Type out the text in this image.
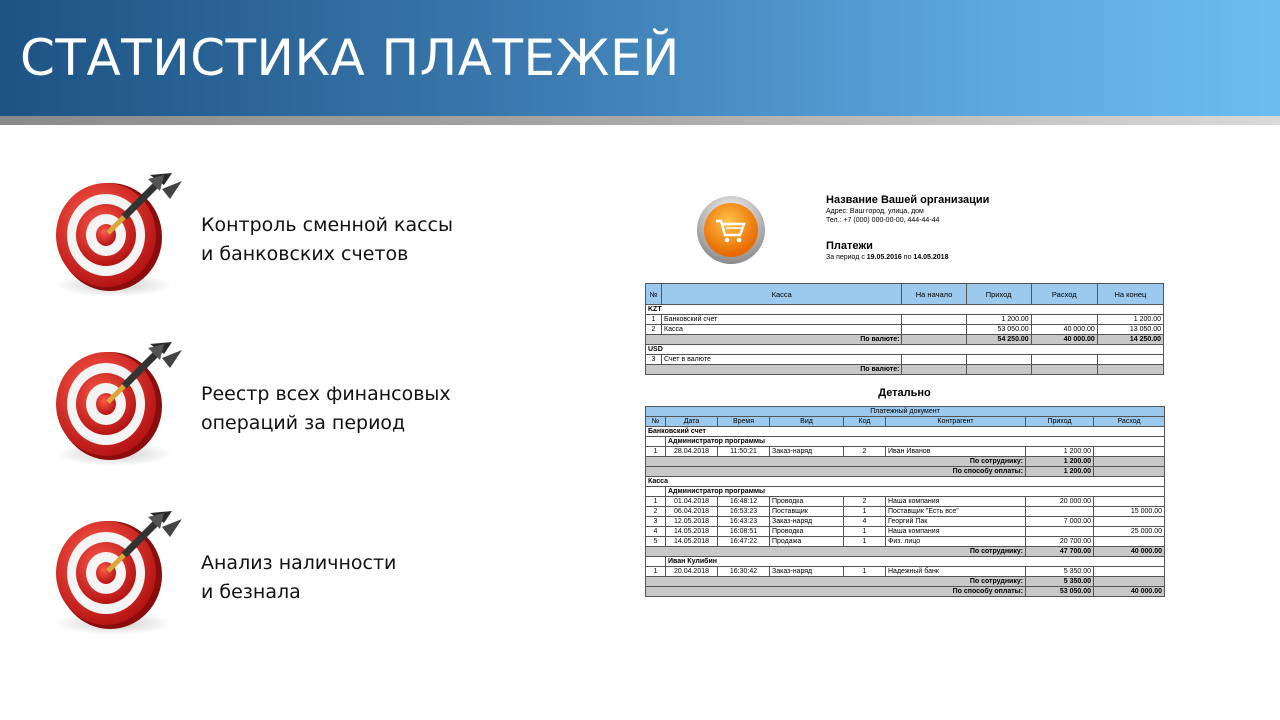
СТАТИСТИКА ПЛАТЕЖЕЙ
Контроль сменной кассы
и банковских счетов
Реестр всех финансовых
операций за период
Анализ наличности
и безнала
Название Вашей организации
Адрес: Ваш город, улица, дом
Тел.: +7 (000) 000-00-00, 444-44-44
Платежи
За период с 19.05.2016 по 14.05.2018
№	Касса	На начало	Приход	Расход	На конец
KZT					
1	Банковский счет		1 200.00		1 200.00
2	Касса		53 050.00	40 000.00	13 050.00
По валюте:			54 250.00	40 000.00	14 250.00
USD					
3	Счет в валюте				
По валюте:					
Детально
Платежный документ							
№	Дата	Время	Вид	Код	Контрагент	Приход	Расход
Банковский счет							
	Администратор программы						
1	28.04.2018	11:50:21	Заказ-наряд	2	Иван Иванов	1 200.00	
По сотруднику:						1 200.00	
По способу оплаты:						1 200.00	
Касса							
	Администратор программы						
1	01.04.2018	16:48:12	Проводка	2	Наша компания	20 000.00	
2	06.04.2018	16:53:23	Поставщик	1	Поставщик "Есть все"		15 000.00
3	12.05.2018	16:43:23	Заказ-наряд	4	Георгий Пак	7 000.00	
4	14.05.2018	16:08:51	Проводка	1	Наша компания		25 000.00
5	14.05.2018	16:47:22	Продажа	1	Физ. лицо	20 700.00	
По сотруднику:						47 700.00	40 000.00
	Иван Кулибин						
1	20.04.2018	16:30:42	Заказ-наряд	1	Надежный банк	5 350.00	
По сотруднику:						5 350.00	
По способу оплаты:						53 050.00	40 000.00
